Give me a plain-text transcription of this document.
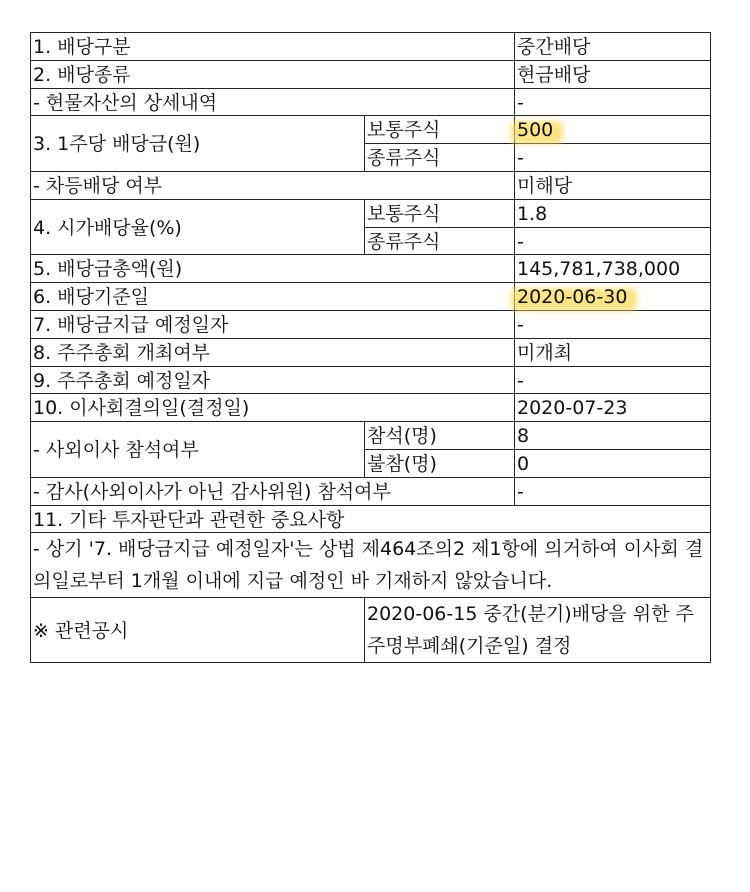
1. 배당구분		중간배당
2. 배당종류		현금배당
- 현물자산의 상세내역		-
3. 1주당 배당금(원)	보통주식	500
	종류주식	-
- 차등배당 여부		미해당
4. 시가배당율(%)	보통주식	1.8
	종류주식	-
5. 배당금총액(원)		145,781,738,000
6. 배당기준일		2020-06-30
7. 배당금지급 예정일자		-
8. 주주총회 개최여부		미개최
9. 주주총회 예정일자		-
10. 이사회결의일(결정일)		2020-07-23
- 사외이사 참석여부	참석(명)	8
	불참(명)	0
- 감사(사외이사가 아닌 감사위원) 참석여부		-
11. 기타 투자판단과 관련한 중요사항		
- 상기 '7. 배당금지급 예정일자'는 상법 제464조의2 제1항에 의거하여 이사회 결의일로부터 1개월 이내에 지급 예정인 바 기재하지 않았습니다.		
※ 관련공시	2020-06-15 중간(분기)배당을 위한 주주명부폐쇄(기준일) 결정	
